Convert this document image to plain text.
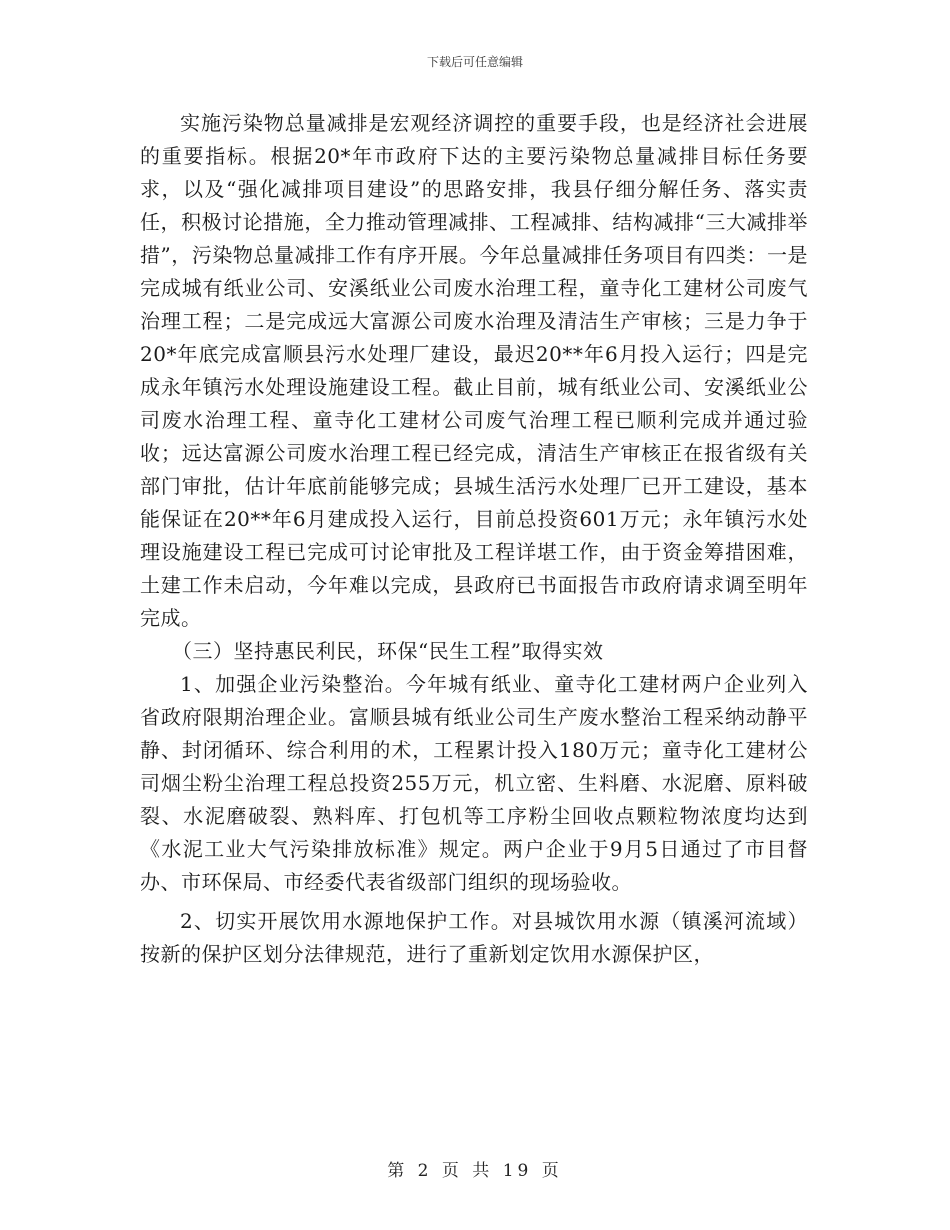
下载后可任意编辑

实施污染物总量减排是宏观经济调控的重要手段，也是经济社会进展的重要指标。根据20*年市政府下达的主要污染物总量减排目标任务要求，以及“强化减排项目建设”的思路安排，我县仔细分解任务、落实责任，积极讨论措施，全力推动管理减排、工程减排、结构减排“三大减排举措”，污染物总量减排工作有序开展。今年总量减排任务项目有四类：一是完成城有纸业公司、安溪纸业公司废水治理工程，童寺化工建材公司废气治理工程；二是完成远大富源公司废水治理及清洁生产审核；三是力争于20*年底完成富顺县污水处理厂建设，最迟20**年6月投入运行；四是完成永年镇污水处理设施建设工程。截止目前，城有纸业公司、安溪纸业公司废水治理工程、童寺化工建材公司废气治理工程已顺利完成并通过验收；远达富源公司废水治理工程已经完成，清洁生产审核正在报省级有关部门审批，估计年底前能够完成；县城生活污水处理厂已开工建设，基本能保证在20**年6月建成投入运行，目前总投资601万元；永年镇污水处理设施建设工程已完成可讨论审批及工程详堪工作，由于资金筹措困难，土建工作未启动，今年难以完成，县政府已书面报告市政府请求调至明年完成。

（三）坚持惠民利民，环保“民生工程”取得实效

1、加强企业污染整治。今年城有纸业、童寺化工建材两户企业列入省政府限期治理企业。富顺县城有纸业公司生产废水整治工程采纳动静平静、封闭循环、综合利用的术，工程累计投入180万元；童寺化工建材公司烟尘粉尘治理工程总投资255万元，机立密、生料磨、水泥磨、原料破裂、水泥磨破裂、熟料库、打包机等工序粉尘回收点颗粒物浓度均达到《水泥工业大气污染排放标准》规定。两户企业于9月5日通过了市目督办、市环保局、市经委代表省级部门组织的现场验收。

2、切实开展饮用水源地保护工作。对县城饮用水源（镇溪河流域）按新的保护区划分法律规范，进行了重新划定饮用水源保护区，

第 2 页 共 19 页
